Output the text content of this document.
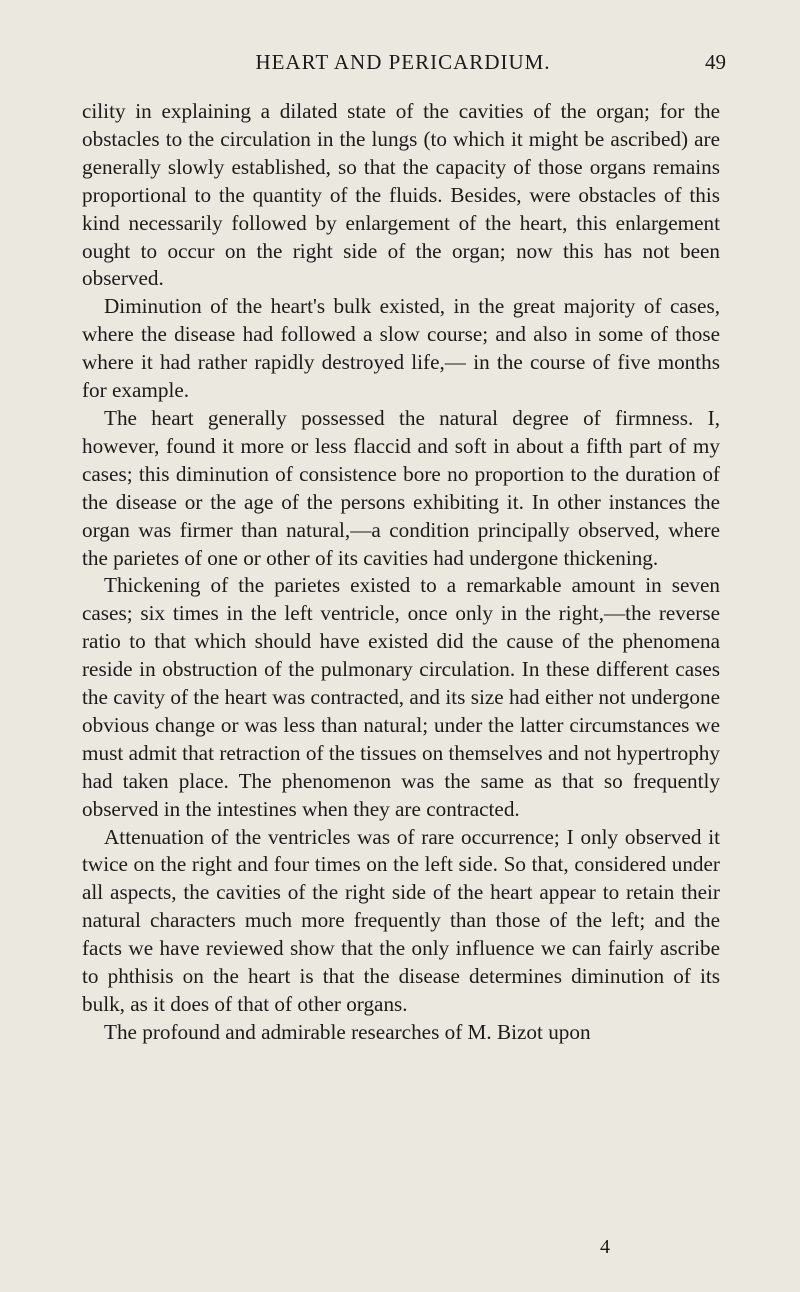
HEART AND PERICARDIUM.	49

cility in explaining a dilated state of the cavities of the organ; for the obstacles to the circulation in the lungs (to which it might be ascribed) are generally slowly established, so that the capacity of those organs remains proportional to the quantity of the fluids. Besides, were obstacles of this kind necessarily followed by enlargement of the heart, this enlargement ought to occur on the right side of the organ; now this has not been observed.

Diminution of the heart's bulk existed, in the great majority of cases, where the disease had followed a slow course; and also in some of those where it had rather rapidly destroyed life,— in the course of five months for example.

The heart generally possessed the natural degree of firmness. I, however, found it more or less flaccid and soft in about a fifth part of my cases; this diminution of consistence bore no proportion to the duration of the disease or the age of the persons exhibiting it. In other instances the organ was firmer than natural,—a condition principally observed, where the parietes of one or other of its cavities had undergone thickening.

Thickening of the parietes existed to a remarkable amount in seven cases; six times in the left ventricle, once only in the right,—the reverse ratio to that which should have existed did the cause of the phenomena reside in obstruction of the pulmonary circulation. In these different cases the cavity of the heart was contracted, and its size had either not undergone obvious change or was less than natural; under the latter circumstances we must admit that retraction of the tissues on themselves and not hypertrophy had taken place. The phenomenon was the same as that so frequently observed in the intestines when they are contracted.

Attenuation of the ventricles was of rare occurrence; I only observed it twice on the right and four times on the left side. So that, considered under all aspects, the cavities of the right side of the heart appear to retain their natural characters much more frequently than those of the left; and the facts we have reviewed show that the only influence we can fairly ascribe to phthisis on the heart is that the disease determines diminution of its bulk, as it does of that of other organs.

The profound and admirable researches of M. Bizot upon

4
